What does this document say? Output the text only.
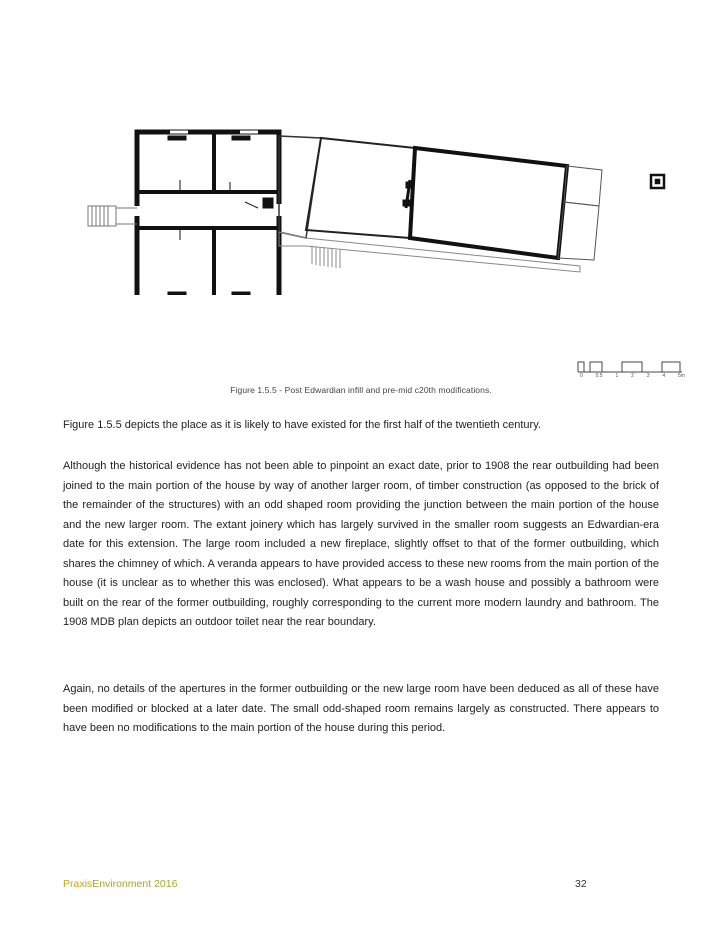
0	0.5	1	2	3	4	5m
Figure 1.5.5 - Post Edwardian infill and pre-mid c20th modifications.

Figure 1.5.5 depicts the place as it is likely to have existed for the first half of the twentieth century.

Although the historical evidence has not been able to pinpoint an exact date, prior to 1908 the rear outbuilding had been joined to the main portion of the house by way of another larger room, of timber construction (as opposed to the brick of the remainder of the structures) with an odd shaped room providing the junction between the main portion of the house and the new larger room. The extant joinery which has largely survived in the smaller room suggests an Edwardian-era date for this extension. The large room included a new fireplace, slightly offset to that of the former outbuilding, which shares the chimney of which. A veranda appears to have provided access to these new rooms from the main portion of the house (it is unclear as to whether this was enclosed). What appears to be a wash house and possibly a bathroom were built on the rear of the former outbuilding, roughly corresponding to the current more modern laundry and bathroom. The 1908 MDB plan depicts an outdoor toilet near the rear boundary.

Again, no details of the apertures in the former outbuilding or the new large room have been deduced as all of these have been modified or blocked at a later date. The small odd-shaped room remains largely as constructed. There appears to have been no modifications to the main portion of the house during this period.

PraxisEnvironment 2016	32
